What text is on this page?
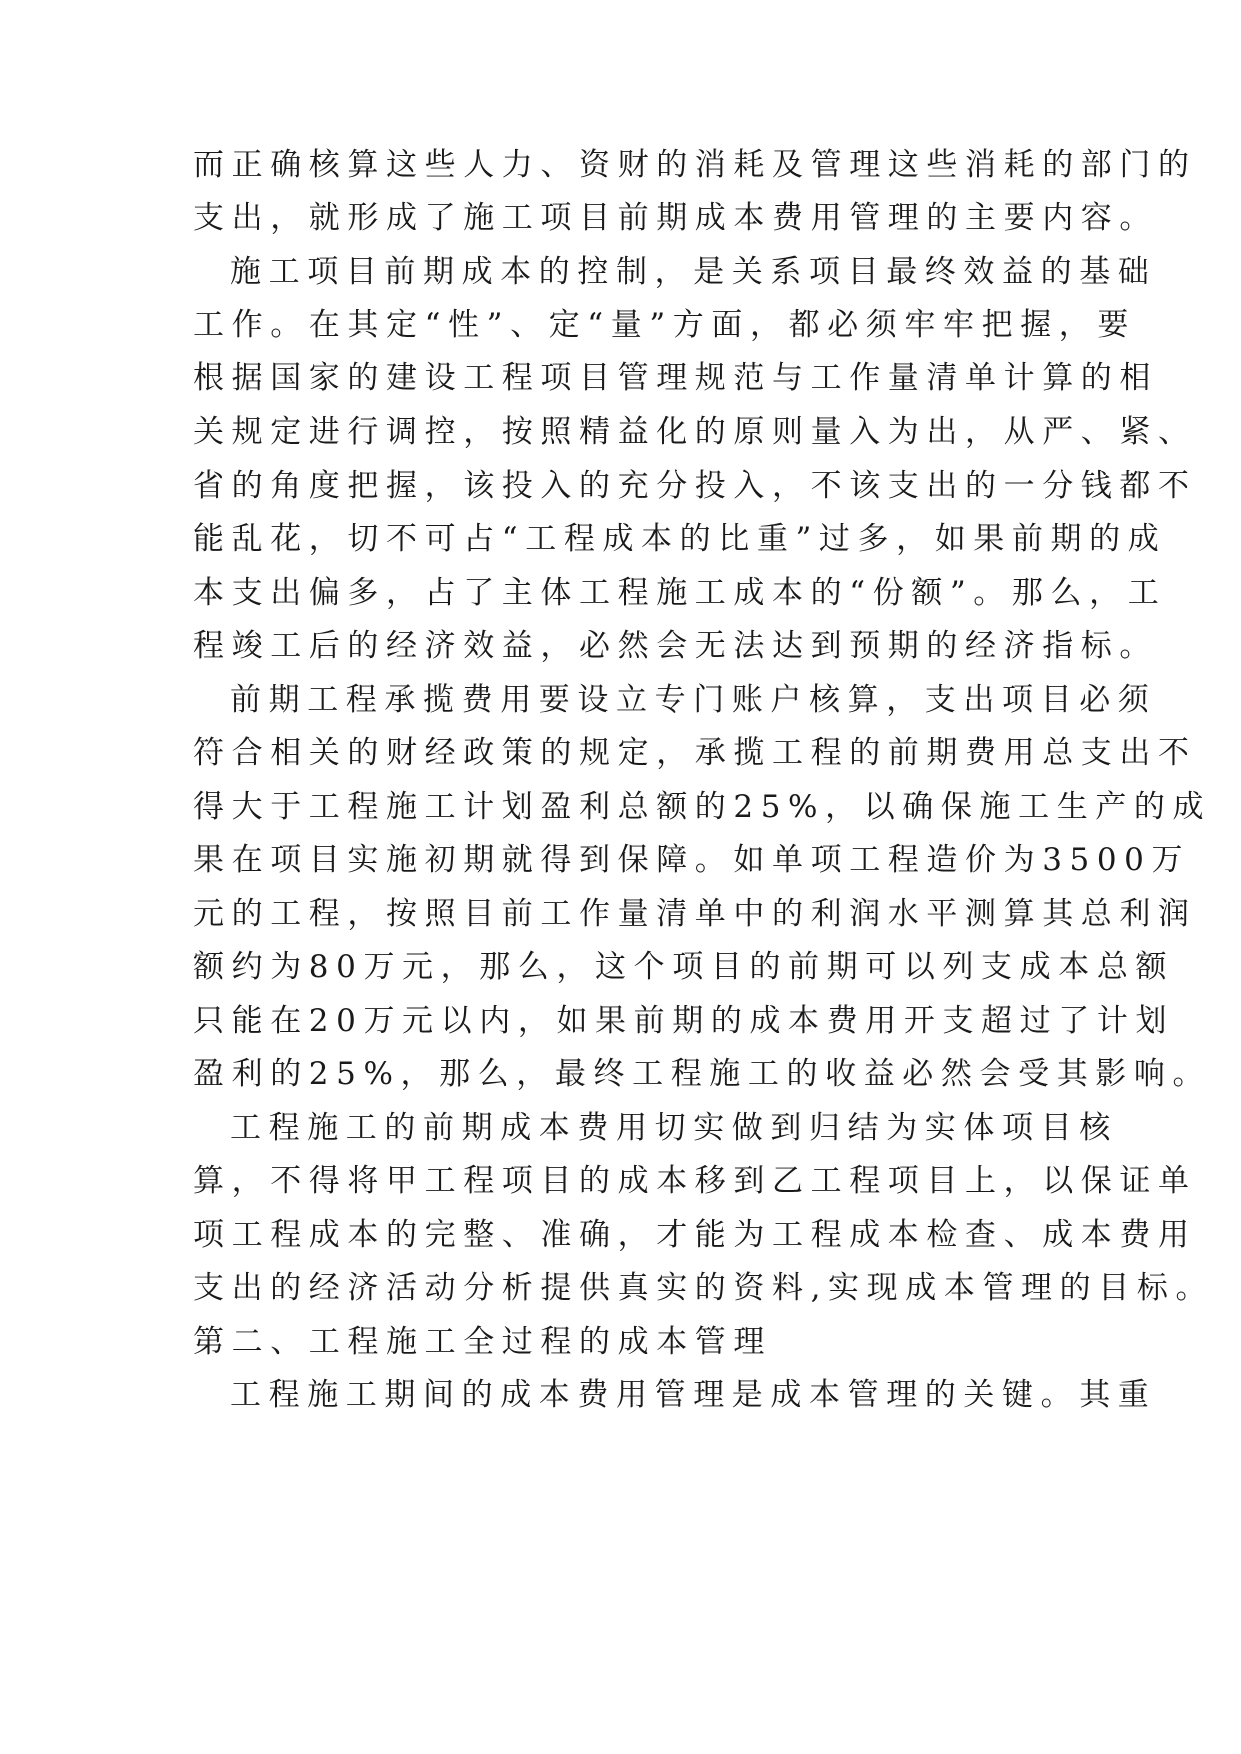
而正确核算这些人力、资财的消耗及管理这些消耗的部门的
支出，就形成了施工项目前期成本费用管理的主要内容。
施工项目前期成本的控制，是关系项目最终效益的基础
工作。在其定“性”、定“量”方面，都必须牢牢把握，要
根据国家的建设工程项目管理规范与工作量清单计算的相
关规定进行调控，按照精益化的原则量入为出，从严、紧、
省的角度把握，该投入的充分投入，不该支出的一分钱都不
能乱花，切不可占“工程成本的比重”过多，如果前期的成
本支出偏多，占了主体工程施工成本的“份额”。那么，工
程竣工后的经济效益，必然会无法达到预期的经济指标。
前期工程承揽费用要设立专门账户核算，支出项目必须
符合相关的财经政策的规定，承揽工程的前期费用总支出不
得大于工程施工计划盈利总额的25%，以确保施工生产的成
果在项目实施初期就得到保障。如单项工程造价为3500万
元的工程，按照目前工作量清单中的利润水平测算其总利润
额约为80万元，那么，这个项目的前期可以列支成本总额
只能在20万元以内，如果前期的成本费用开支超过了计划
盈利的25%，那么，最终工程施工的收益必然会受其影响。
工程施工的前期成本费用切实做到归结为实体项目核
算，不得将甲工程项目的成本移到乙工程项目上，以保证单
项工程成本的完整、准确，才能为工程成本检查、成本费用
支出的经济活动分析提供真实的资料,实现成本管理的目标。
第二、工程施工全过程的成本管理
工程施工期间的成本费用管理是成本管理的关键。其重
